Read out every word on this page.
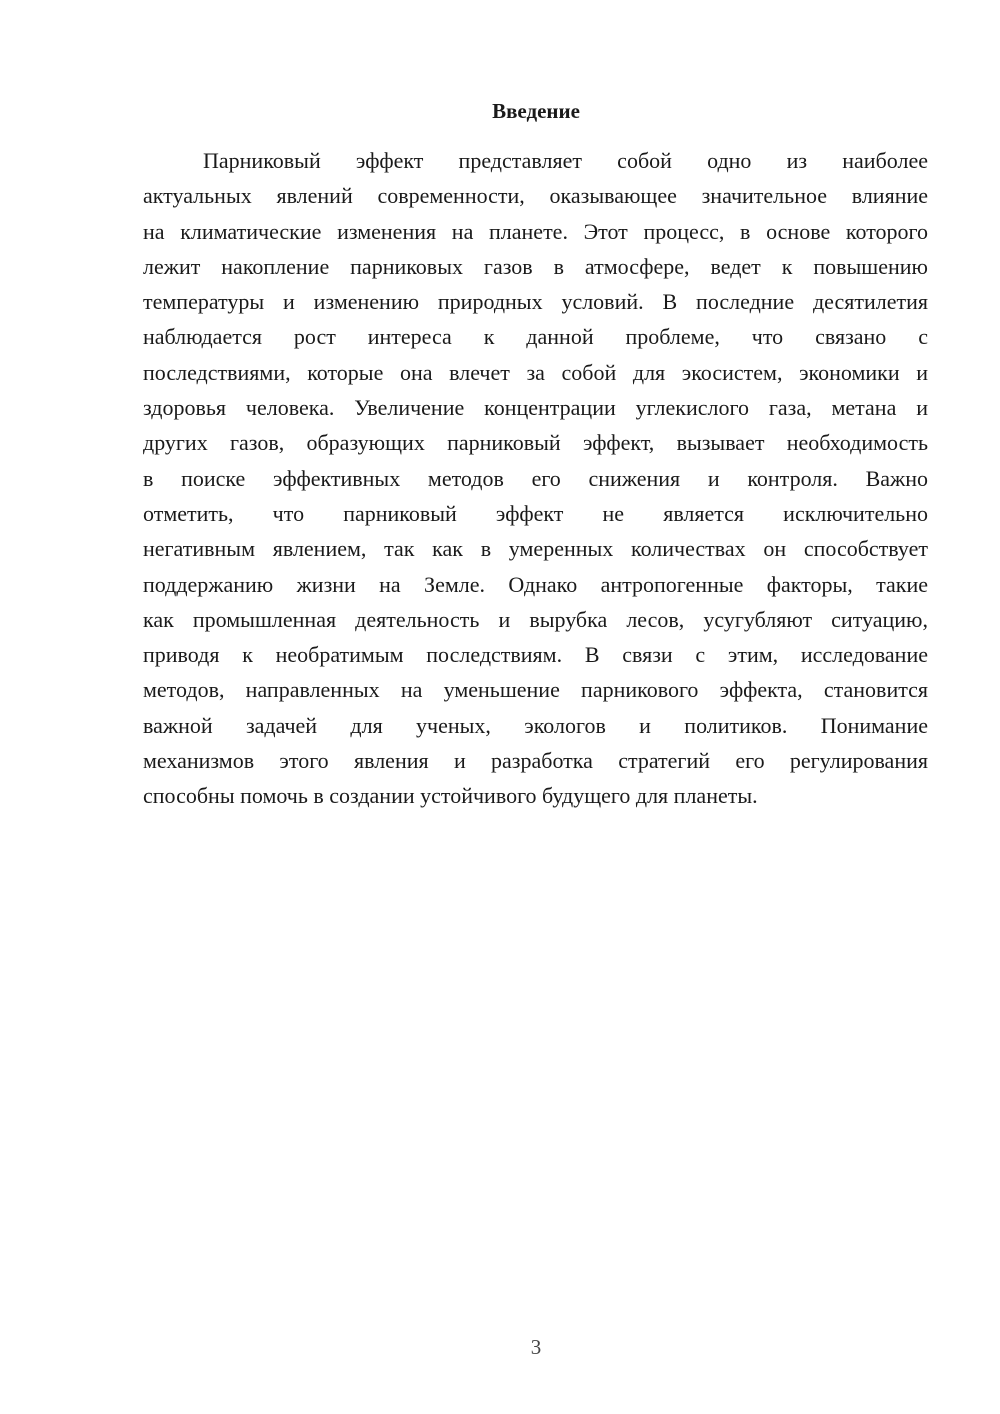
Введение
Парниковый эффект представляет собой одно из наиболее
актуальных явлений современности, оказывающее значительное влияние
на климатические изменения на планете. Этот процесс, в основе которого
лежит накопление парниковых газов в атмосфере, ведет к повышению
температуры и изменению природных условий. В последние десятилетия
наблюдается рост интереса к данной проблеме, что связано с
последствиями, которые она влечет за собой для экосистем, экономики и
здоровья человека. Увеличение концентрации углекислого газа, метана и
других газов, образующих парниковый эффект, вызывает необходимость
в поиске эффективных методов его снижения и контроля. Важно
отметить, что парниковый эффект не является исключительно
негативным явлением, так как в умеренных количествах он способствует
поддержанию жизни на Земле. Однако антропогенные факторы, такие
как промышленная деятельность и вырубка лесов, усугубляют ситуацию,
приводя к необратимым последствиям. В связи с этим, исследование
методов, направленных на уменьшение парникового эффекта, становится
важной задачей для ученых, экологов и политиков. Понимание
механизмов этого явления и разработка стратегий его регулирования
способны помочь в создании устойчивого будущего для планеты.
3
